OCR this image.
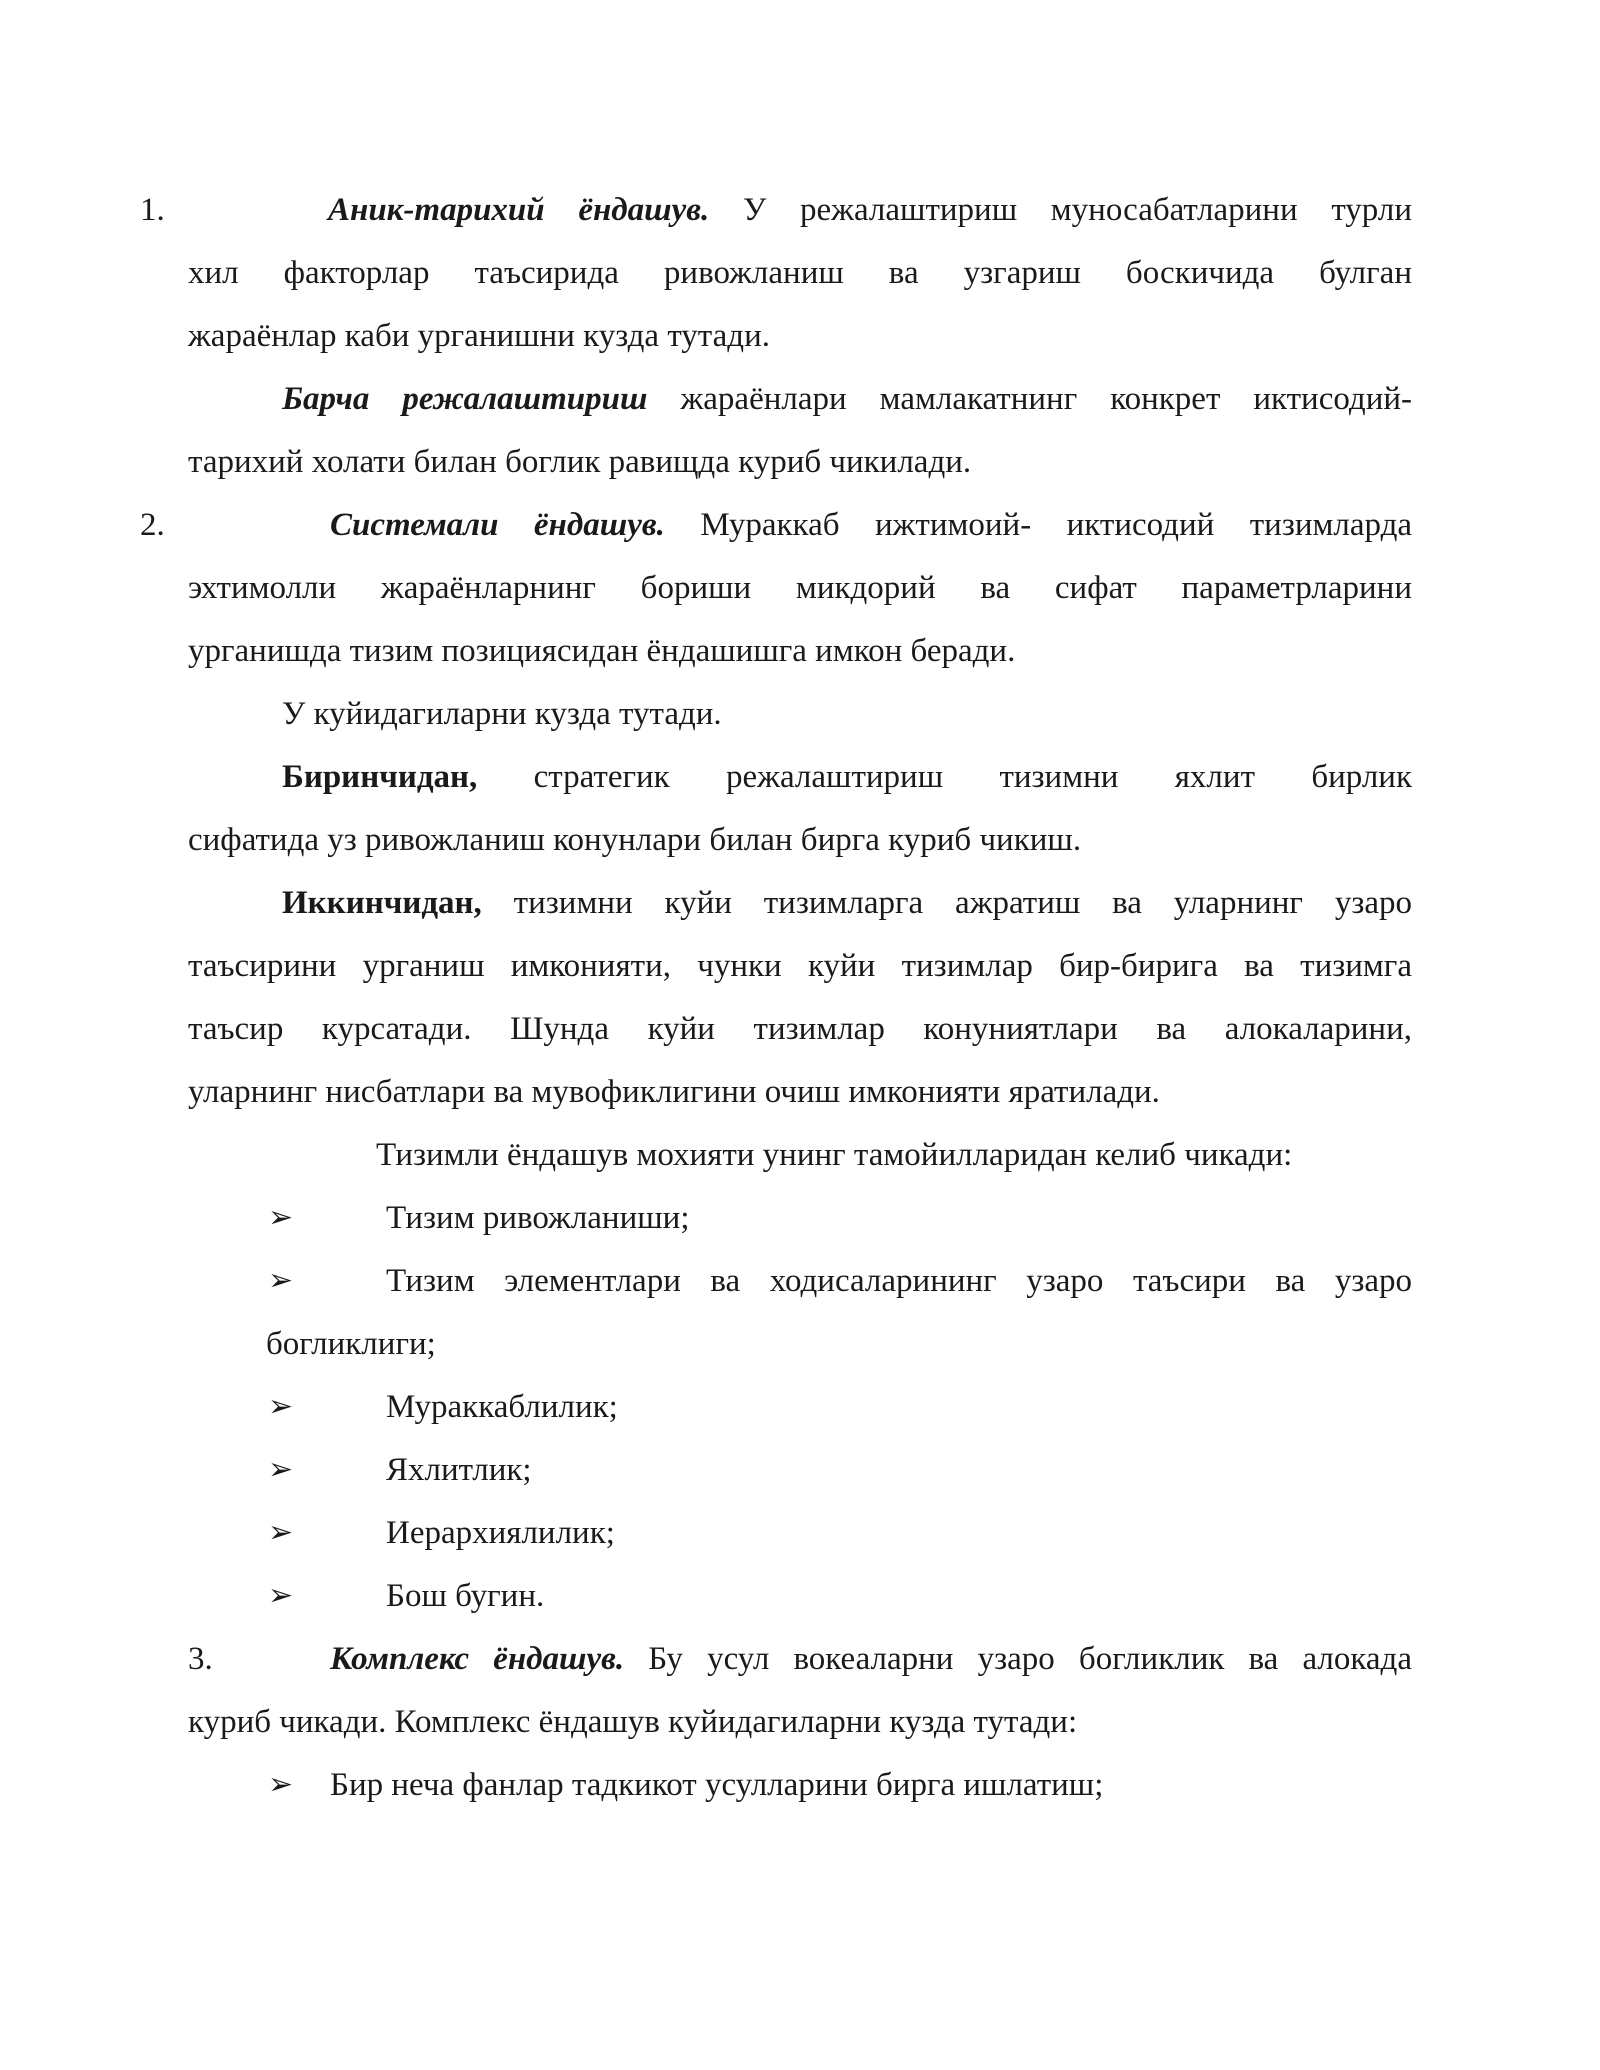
1.	Аник-тарихий ёндашув. У режалаштириш муносабатларини турли
хил факторлар таъсирида ривожланиш ва узгариш боскичида булган
жараёнлар каби урганишни кузда тутади.
Барча режалаштириш жараёнлари мамлакатнинг конкрет иктисодий-
тарихий холати билан боглик равищда куриб чикилади.
2.	Системали ёндашув. Мураккаб ижтимоий- иктисодий тизимларда
эхтимолли жараёнларнинг бориши микдорий ва сифат параметрларини
урганишда тизим позициясидан ёндашишга имкон беради.
У куйидагиларни кузда тутади.
Биринчидан, стратегик режалаштириш тизимни яхлит бирлик
сифатида уз ривожланиш конунлари билан бирга куриб чикиш.
Иккинчидан, тизимни куйи тизимларга ажратиш ва уларнинг узаро
таъсирини урганиш имконияти, чунки куйи тизимлар бир-бирига ва тизимга
таъсир курсатади. Шунда куйи тизимлар конуниятлари ва алокаларини,
уларнинг нисбатлари ва мувофиклигини очиш имконияти яратилади.
Тизимли ёндашув мохияти унинг тамойилларидан келиб чикади:
➢	Тизим ривожланиши;
➢	Тизим элементлари ва ходисаларининг узаро таъсири ва узаро
богликлиги;
➢	Мураккаблилик;
➢	Яхлитлик;
➢	Иерархиялилик;
➢	Бош бугин.
3.	Комплекс ёндашув. Бу усул вокеаларни узаро богликлик ва алокада
куриб чикади. Комплекс ёндашув куйидагиларни кузда тутади:
➢ Бир неча фанлар тадкикот усулларини бирга ишлатиш;
